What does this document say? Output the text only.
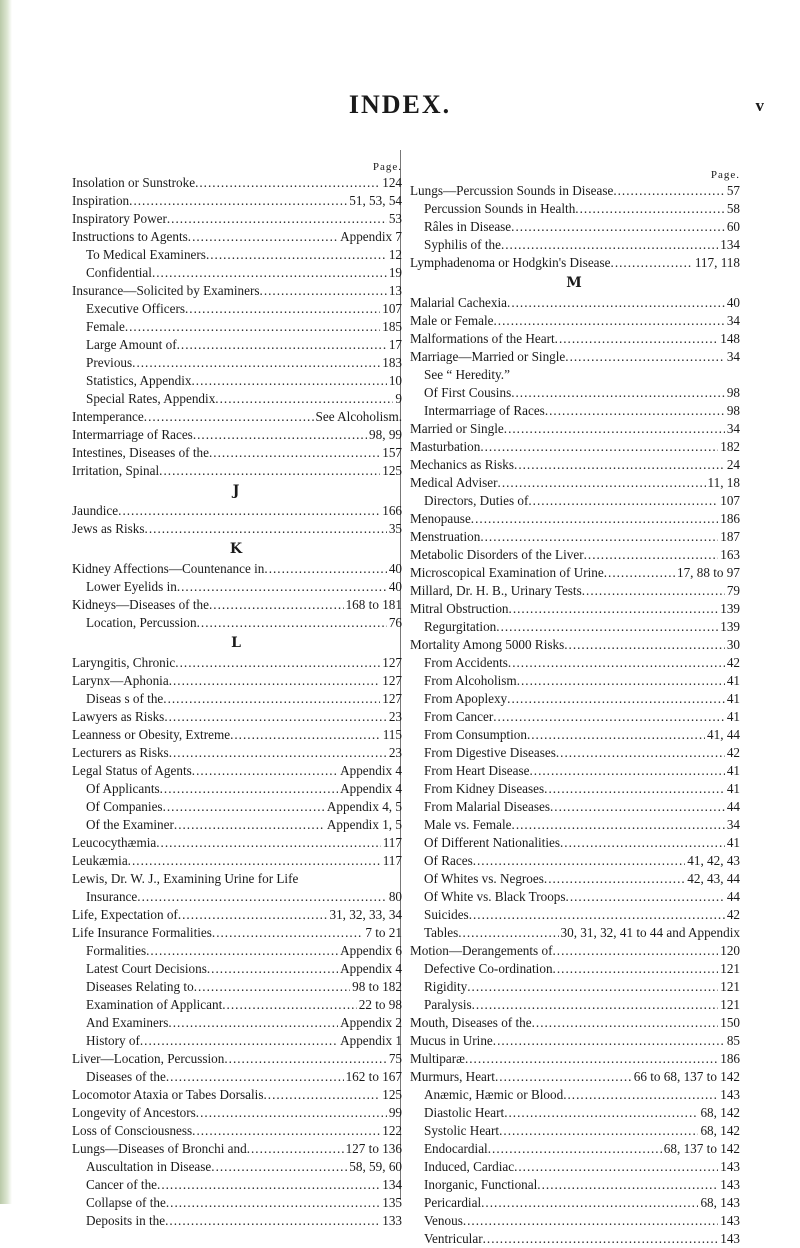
INDEX.	v
Page.
Insolation or Sunstroke .....	124
Inspiration .....	51, 53, 54
Inspiratory Power .....	53
Instructions to Agents .....	Appendix 7
To Medical Examiners .....	12
Confidential .....	19
Insurance—Solicited by Examiners .....	13
Executive Officers .....	107
Female .....	185
Large Amount of .....	17
Previous .....	183
Statistics, Appendix .....	10
Special Rates, Appendix .....	9
Intemperance .....	See Alcoholism.
Intermarriage of Races .....	98, 99
Intestines, Diseases of the .....	157
Irritation, Spinal .....	125
J
Jaundice .....	166
Jews as Risks .....	35
K
Kidney Affections—Countenance in .....	40
Lower Eyelids in .....	40
Kidneys—Diseases of the .....	168 to 181
Location, Percussion .....	76
L
Laryngitis, Chronic .....	127
Larynx—Aphonia .....	127
Diseas s of the .....	127
Lawyers as Risks .....	23
Leanness or Obesity, Extreme .....	115
Lecturers as Risks .....	23
Legal Status of Agents .....	Appendix 4
Of Applicants .....	Appendix 4
Of Companies .....	Appendix 4, 5
Of the Examiner .....	Appendix 1, 5
Leucocythæmia .....	117
Leukæmia .....	117
Lewis, Dr. W. J., Examining Urine for Life
Insurance .....	80
Life, Expectation of .....	31, 32, 33, 34
Life Insurance Formalities .....	7 to 21
Formalities .....	Appendix 6
Latest Court Decisions .....	Appendix 4
Diseases Relating to .....	98 to 182
Examination of Applicant .....	22 to 98
And Examiners .....	Appendix 2
History of .....	Appendix 1
Liver—Location, Percussion .....	75
Diseases of the .....	162 to 167
Locomotor Ataxia or Tabes Dorsalis .....	125
Longevity of Ancestors .....	99
Loss of Consciousness .....	122
Lungs—Diseases of Bronchi and .....	127 to 136
Auscultation in Disease .....	58, 59, 60
Cancer of the .....	134
Collapse of the .....	135
Deposits in the .....	133
Page.
Lungs—Percussion Sounds in Disease .....	57
Percussion Sounds in Health .....	58
Râles in Disease .....	60
Syphilis of the .....	134
Lymphadenoma or Hodgkin's Disease .....	117, 118
M
Malarial Cachexia .....	40
Male or Female .....	34
Malformations of the Heart .....	148
Marriage—Married or Single .....	34
See “ Heredity.”
Of First Cousins .....	98
Intermarriage of Races .....	98
Married or Single .....	34
Masturbation .....	182
Mechanics as Risks .....	24
Medical Adviser .....	11, 18
Directors, Duties of .....	107
Menopause .....	186
Menstruation .....	187
Metabolic Disorders of the Liver .....	163
Microscopical Examination of Urine .....	17, 88 to 97
Millard, Dr. H. B., Urinary Tests .....	79
Mitral Obstruction .....	139
Regurgitation .....	139
Mortality Among 5000 Risks .....	30
From Accidents .....	42
From Alcoholism .....	41
From Apoplexy .....	41
From Cancer .....	41
From Consumption .....	41, 44
From Digestive Diseases .....	42
From Heart Disease .....	41
From Kidney Diseases .....	41
From Malarial Diseases .....	44
Male vs. Female .....	34
Of Different Nationalities .....	41
Of Races .....	41, 42, 43
Of Whites vs. Negroes .....	42, 43, 44
Of White vs. Black Troops .....	44
Suicides .....	42
Tables .....	30, 31, 32, 41 to 44 and Appendix
Motion—Derangements of .....	120
Defective Co-ordination .....	121
Rigidity .....	121
Paralysis .....	121
Mouth, Diseases of the .....	150
Mucus in Urine .....	85
Multiparæ .....	186
Murmurs, Heart .....	66 to 68, 137 to 142
Anæmic, Hæmic or Blood .....	143
Diastolic Heart .....	68, 142
Systolic Heart .....	68, 142
Endocardial .....	68, 137 to 142
Induced, Cardiac .....	143
Inorganic, Functional .....	143
Pericardial .....	68, 143
Venous .....	143
Ventricular .....	143
